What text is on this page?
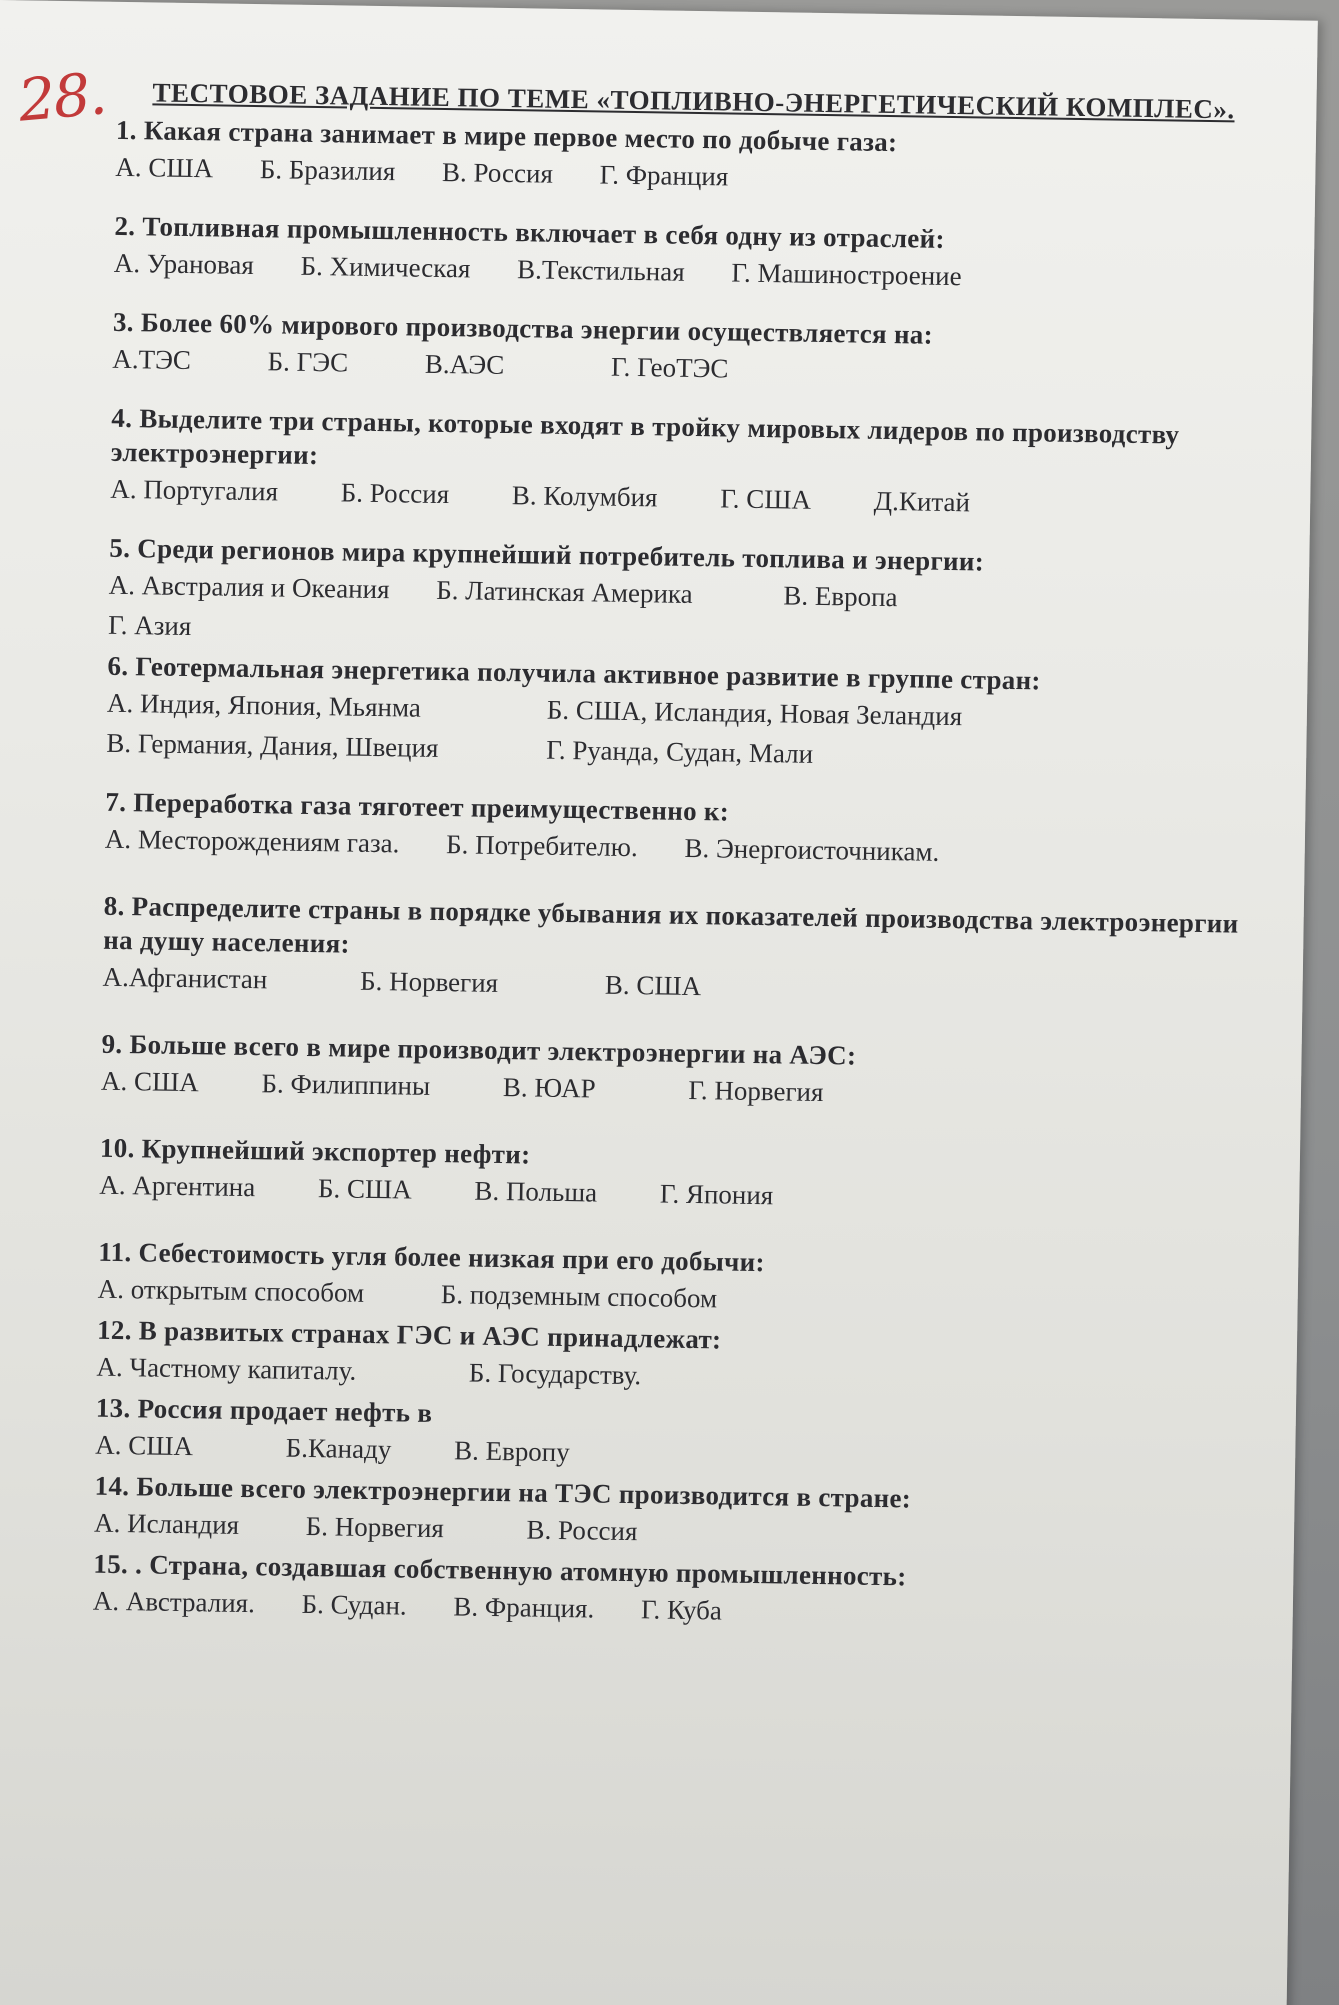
28. ТЕСТОВОЕ ЗАДАНИЕ ПО ТЕМЕ «ТОПЛИВНО-ЭНЕРГЕТИЧЕСКИЙ КОМПЛЕС».
1. Какая страна занимает в мире первое место по добыче газа:
А. США Б. Бразилия В. Россия Г. Франция
2. Топливная промышленность включает в себя одну из отраслей:
А. Урановая Б. Химическая В.Текстильная Г. Машиностроение
3. Более 60% мирового производства энергии осуществляется на:
А.ТЭС	Б. ГЭС	В.АЭС	Г. ГеоТЭС
4. Выделите три страны, которые входят в тройку мировых лидеров по производству электроэнергии:
А. Португалия Б. Россия В. Колумбия Г. США Д.Китай
5. Среди регионов мира крупнейший потребитель топлива и энергии:
А. Австралия и Океания Б. Латинская Америка	В. Европа
Г. Азия
6. Геотермальная энергетика получила активное развитие в группе стран:
А. Индия, Япония, Мьянма	Б. США, Исландия, Новая Зеландия
В. Германия, Дания, Швеция	Г. Руанда, Судан, Мали
7. Переработка газа тяготеет преимущественно к:
А. Месторождениям газа. Б. Потребителю. В. Энергоисточникам.
8. Распределите страны в порядке убывания их показателей производства электроэнергии на душу населения:
А.Афганистан	Б. Норвегия	В. США
9. Больше всего в мире производит электроэнергии на АЭС:
А. США Б. Филиппины	В. ЮАР	Г. Норвегия
10. Крупнейший экспортер нефти:
А. Аргентина Б. США В. Польша Г. Япония
11. Себестоимость угля более низкая при его добычи:
А. открытым способом	Б. подземным способом
12. В развитых странах ГЭС и АЭС принадлежат:
А. Частному капиталу.	Б. Государству.
13. Россия продает нефть в
А. США	Б.Канаду В. Европу
14. Больше всего электроэнергии на ТЭС производится в стране:
А. Исландия Б. Норвегия	В. Россия
15. . Страна, создавшая собственную атомную промышленность:
А. Австралия. Б. Судан. В. Франция. Г. Куба
